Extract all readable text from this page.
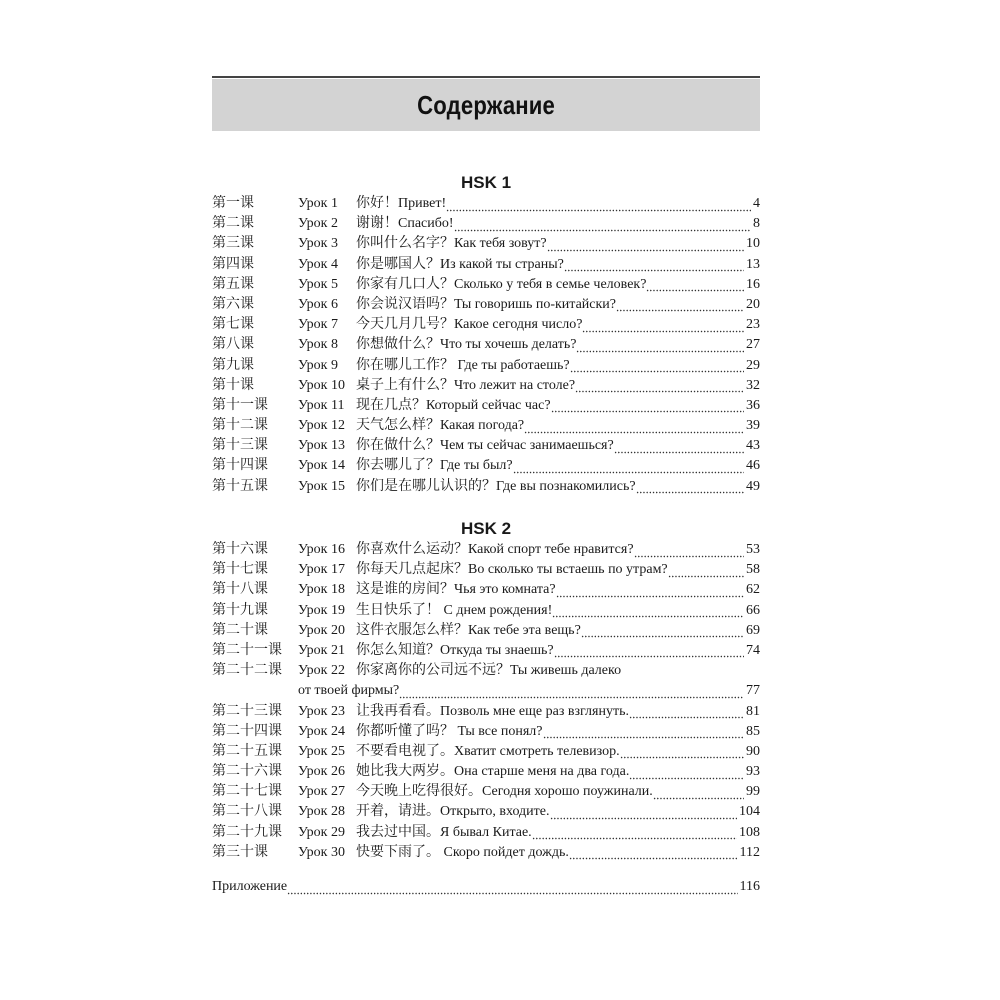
Содержание
HSK 1
第一课	Урок 1	你好！Привет!	4
第二课	Урок 2	谢谢！Спасибо!	8
第三课	Урок 3	你叫什么名字？Как тебя зовут?	10
第四课	Урок 4	你是哪国人？Из какой ты страны?	13
第五课	Урок 5	你家有几口人？Сколько у тебя в семье человек?	16
第六课	Урок 6	你会说汉语吗？Ты говоришь по-китайски?	20
第七课	Урок 7	今天几月几号？Какое сегодня число?	23
第八课	Урок 8	你想做什么？Что ты хочешь делать?	27
第九课	Урок 9	你在哪儿工作？ Где ты работаешь?	29
第十课	Урок 10 桌子上有什么？Что лежит на столе?	32
第十一课	Урок 11 现在几点？Который сейчас час?	36
第十二课	Урок 12 天气怎么样？Какая погода?	39
第十三课	Урок 13 你在做什么？Чем ты сейчас занимаешься?	43
第十四课	Урок 14 你去哪儿了？Где ты был?	46
第十五课	Урок 15 你们是在哪儿认识的？Где вы познакомились?	49
HSK 2
第十六课	Урок 16 你喜欢什么运动？Какой спорт тебе нравится?	53
第十七课	Урок 17 你每天几点起床？Во сколько ты встаешь по утрам?	58
第十八课	Урок 18 这是谁的房间？Чья это комната?	62
第十九课	Урок 19 生日快乐了！ С днем рождения!	66
第二十课	Урок 20 这件衣服怎么样？Как тебе эта вещь?	69
第二十一课	Урок 21 你怎么知道？Откуда ты знаешь?	74
第二十二课	Урок 22 你家离你的公司远不远？Ты живешь далеко
от твоей фирмы?	77
第二十三课	Урок 23 让我再看看。Позволь мне еще раз взглянуть.	81
第二十四课	Урок 24 你都听懂了吗？ Ты все понял?	85
第二十五课	Урок 25 不要看电视了。Хватит смотреть телевизор.	90
第二十六课	Урок 26 她比我大两岁。Она старше меня на два года.	93
第二十七课	Урок 27 今天晚上吃得很好。Сегодня хорошо поужинали.	99
第二十八课	Урок 28 开着，请进。Открыто, входите.	104
第二十九课	Урок 29 我去过中国。Я бывал Китае.	108
第三十课	Урок 30 快要下雨了。 Скоро пойдет дождь.	112
Приложение	116
